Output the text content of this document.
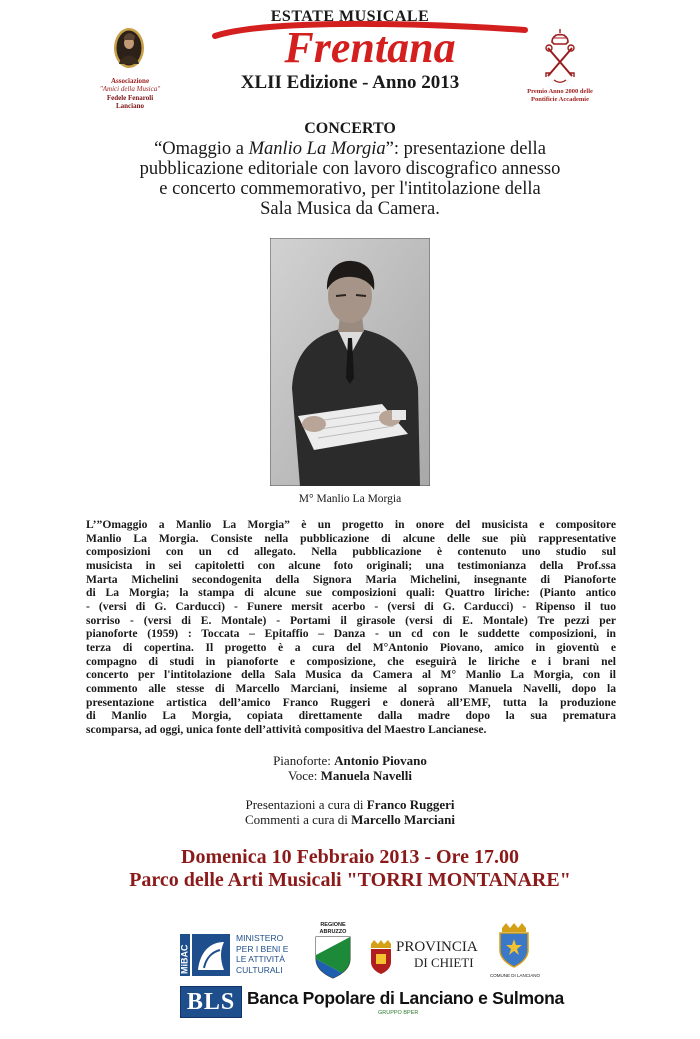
ESTATE MUSICALE
Frentana
XLII Edizione - Anno 2013
Associazione
"Amici della Musica"
Fedele Fenaroli
Lanciano
Premio Anno 2000 delle
Pontificie Accademie
CONCERTO
“Omaggio a Manlio La Morgia”: presentazione della
pubblicazione editoriale con lavoro discografico annesso
e concerto commemorativo, per l'intitolazione della
Sala Musica da Camera.
M° Manlio La Morgia
L’”Omaggio a Manlio La Morgia” è un progetto in onore del musicista e compositore
Manlio La Morgia. Consiste nella pubblicazione di alcune delle sue più rappresentative
composizioni con un cd allegato. Nella pubblicazione è contenuto uno studio sul
musicista in sei capitoletti con alcune foto originali; una testimonianza della Prof.ssa
Marta Michelini secondogenita della Signora Maria Michelini, insegnante di Pianoforte
di La Morgia; la stampa di alcune sue composizioni quali: Quattro liriche: (Pianto antico
- (versi di G. Carducci) - Funere mersit acerbo - (versi di G. Carducci) - Ripenso il tuo
sorriso - (versi di E. Montale) - Portami il girasole (versi di E. Montale) Tre pezzi per
pianoforte (1959) : Toccata – Epitaffio – Danza - un cd con le suddette composizioni, in
terza di copertina. Il progetto è a cura del M°Antonio Piovano, amico in gioventù e
compagno di studi in pianoforte e composizione, che eseguirà le liriche e i brani nel
concerto per l'intitolazione della Sala Musica da Camera al M° Manlio La Morgia, con il
commento alle stesse di Marcello Marciani, insieme al soprano Manuela Navelli, dopo la
presentazione artistica dell’amico Franco Ruggeri e donerà all’EMF, tutta la produzione
di Manlio La Morgia, copiata direttamente dalla madre dopo la sua prematura
scomparsa, ad oggi, unica fonte dell’attività compositiva del Maestro Lancianese.
Pianoforte: Antonio Piovano
Voce: Manuela Navelli
Presentazioni a cura di Franco Ruggeri
Commenti a cura di Marcello Marciani
Domenica 10 Febbraio 2013 - Ore 17.00
Parco delle Arti Musicali "TORRI MONTANARE"
MiBAC
MINISTERO
PER I BENI E
LE ATTIVITÀ
CULTURALI
REGIONE
ABRUZZO
PROVINCIA
DI CHIETI
COMUNE DI LANCIANO
BLS Banca Popolare di Lanciano e Sulmona
GRUPPO BPER
